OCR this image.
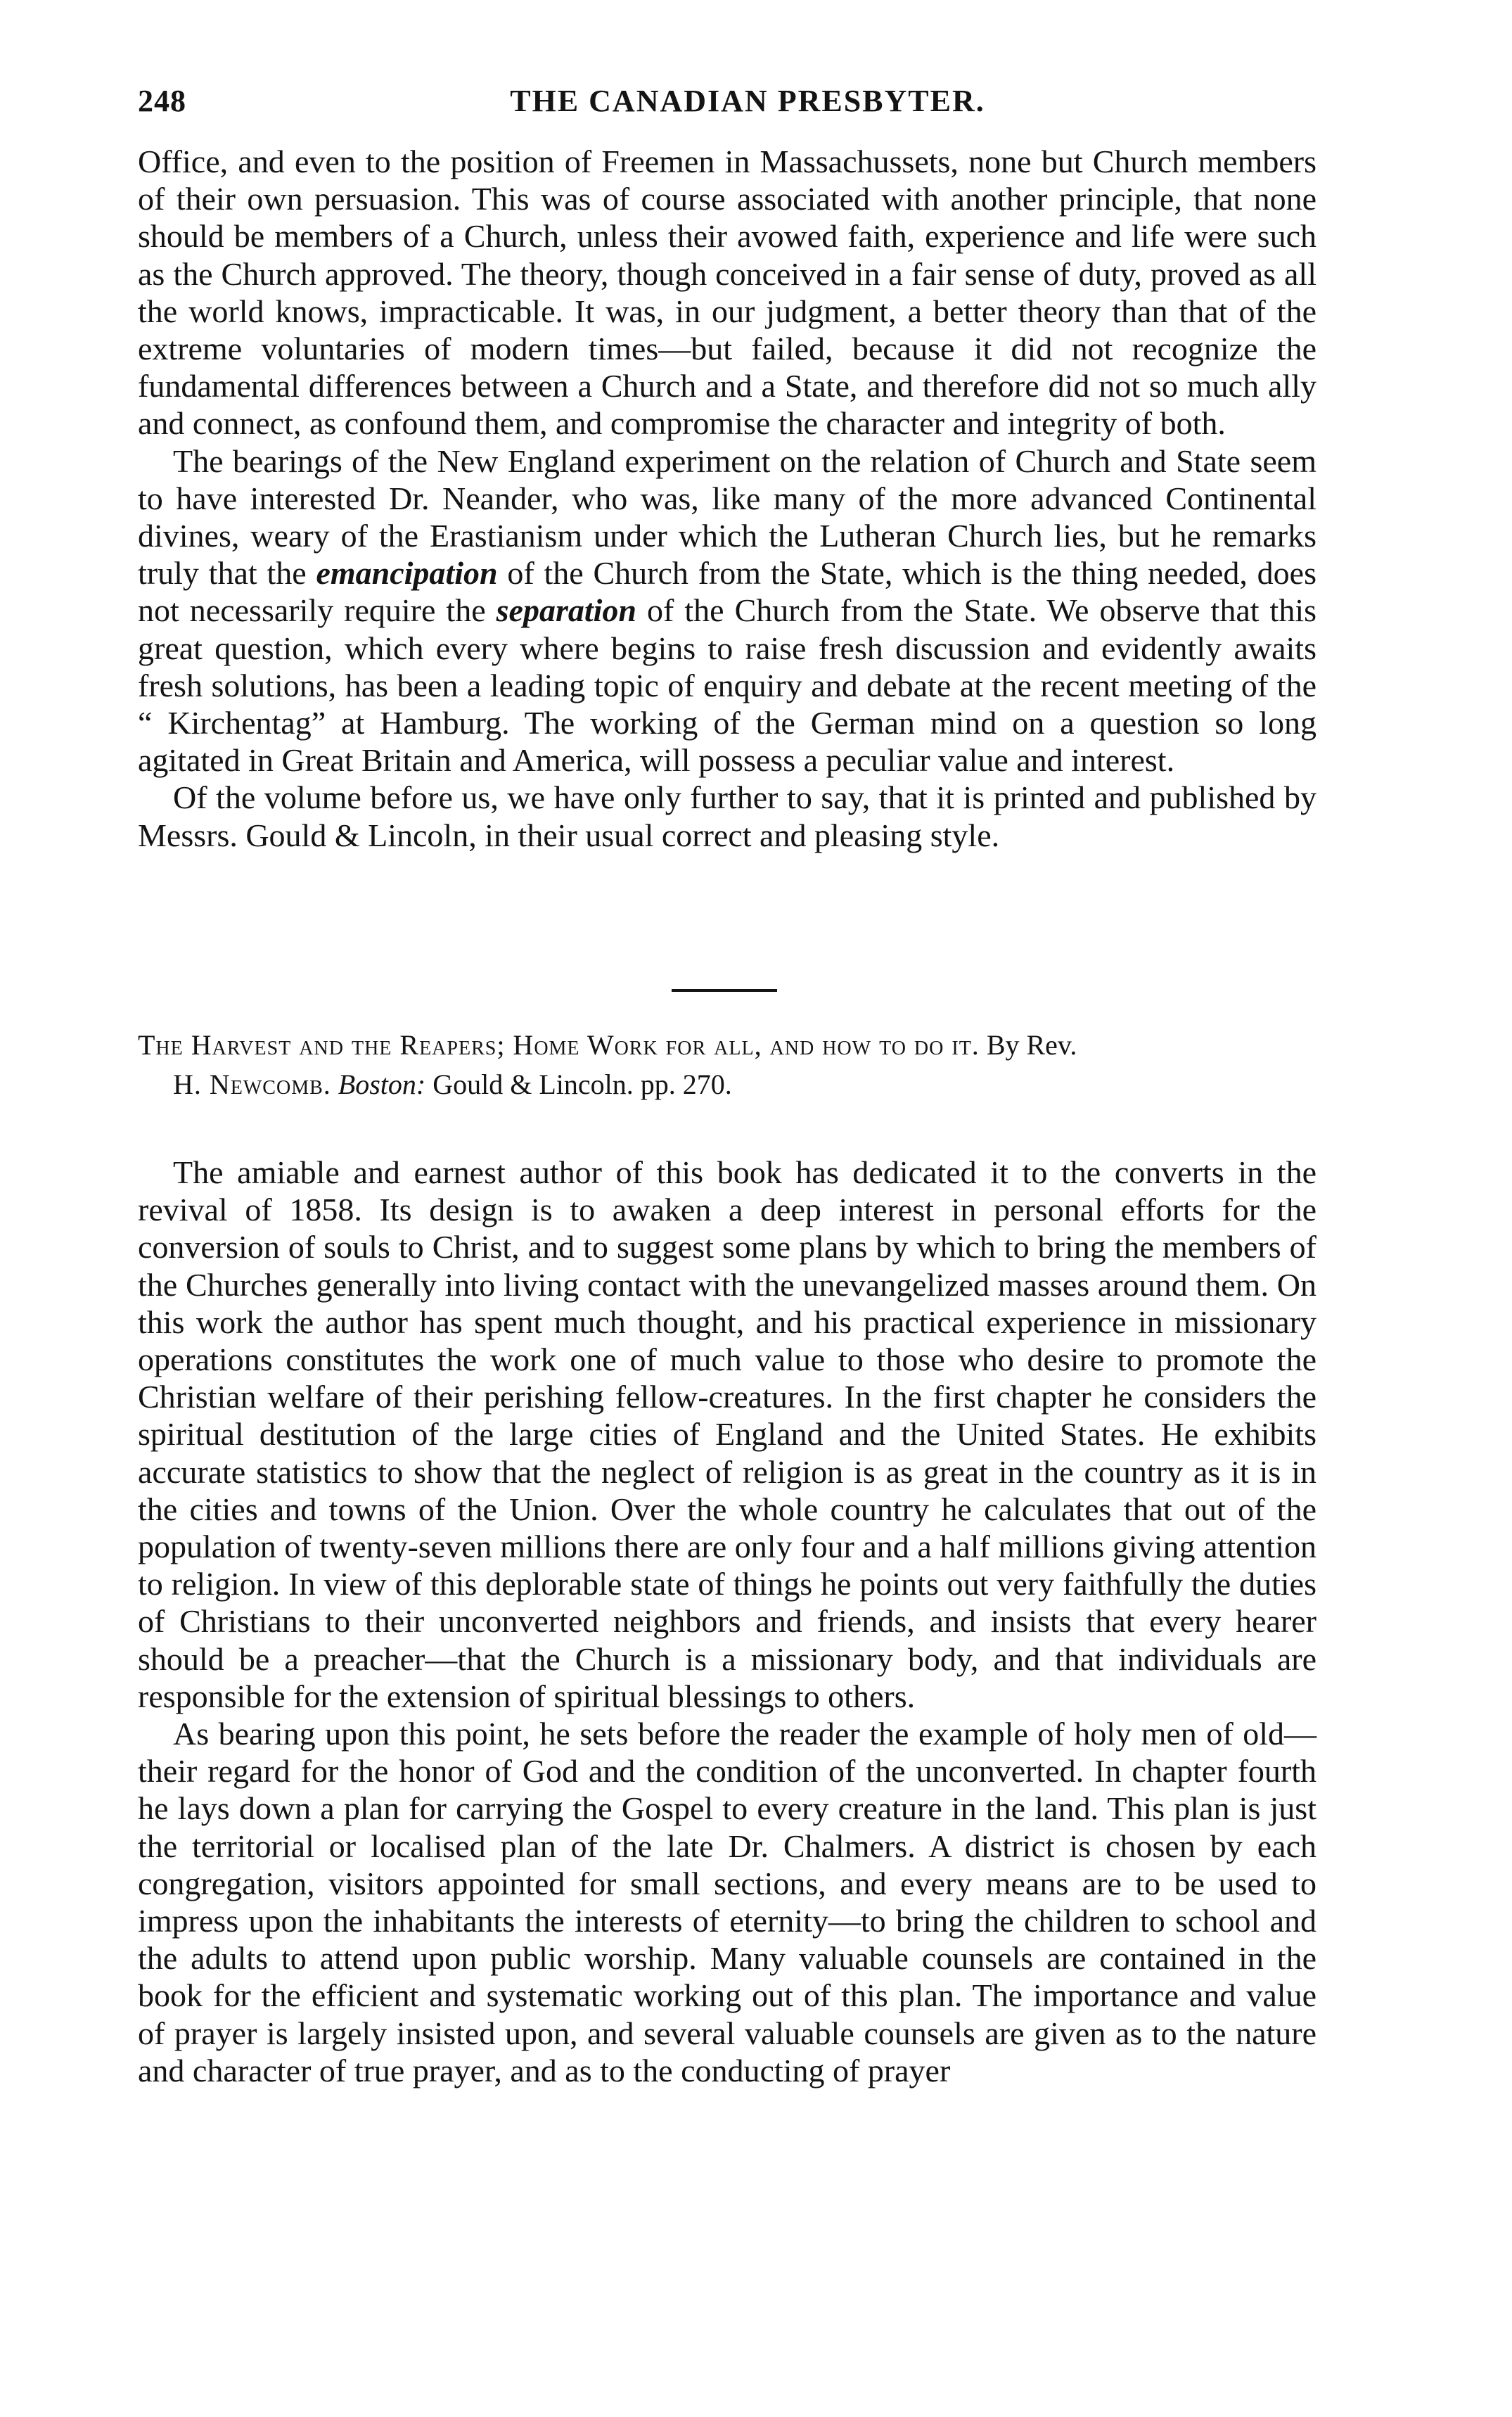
248	THE CANADIAN PRESBYTER.

Office, and even to the position of Freemen in Massachussets, none but Church members of their own persuasion. This was of course associated with another principle, that none should be members of a Church, unless their avowed faith, experience and life were such as the Church approved. The theory, though conceived in a fair sense of duty, proved as all the world knows, impracticable. It was, in our judgment, a better theory than that of the extreme voluntaries of modern times—but failed, because it did not recognize the fundamental differences between a Church and a State, and therefore did not so much ally and connect, as confound them, and compromise the character and integrity of both.

The bearings of the New England experiment on the relation of Church and State seem to have interested Dr. Neander, who was, like many of the more advanced Continental divines, weary of the Erastianism under which the Lutheran Church lies, but he remarks truly that the emancipation of the Church from the State, which is the thing needed, does not necessarily require the separation of the Church from the State. We observe that this great question, which every where begins to raise fresh discussion and evidently awaits fresh solutions, has been a leading topic of enquiry and debate at the recent meeting of the “ Kirchentag” at Hamburg. The working of the German mind on a question so long agitated in Great Britain and America, will possess a peculiar value and interest.

Of the volume before us, we have only further to say, that it is printed and published by Messrs. Gould & Lincoln, in their usual correct and pleasing style.

The Harvest and the Reapers; Home Work for all, and how to do it. By Rev.
H. Newcomb. Boston: Gould & Lincoln. pp. 270.

The amiable and earnest author of this book has dedicated it to the converts in the revival of 1858. Its design is to awaken a deep interest in personal efforts for the conversion of souls to Christ, and to suggest some plans by which to bring the members of the Churches generally into living contact with the unevangelized masses around them. On this work the author has spent much thought, and his practical experience in missionary operations constitutes the work one of much value to those who desire to promote the Christian welfare of their perishing fellow-creatures. In the first chapter he considers the spiritual destitution of the large cities of England and the United States. He exhibits accurate statistics to show that the neglect of religion is as great in the country as it is in the cities and towns of the Union. Over the whole country he calculates that out of the population of twenty-seven millions there are only four and a half millions giving attention to religion. In view of this deplorable state of things he points out very faithfully the duties of Christians to their unconverted neighbors and friends, and insists that every hearer should be a preacher—that the Church is a missionary body, and that individuals are responsible for the extension of spiritual blessings to others.

As bearing upon this point, he sets before the reader the example of holy men of old—their regard for the honor of God and the condition of the unconverted. In chapter fourth he lays down a plan for carrying the Gospel to every creature in the land. This plan is just the territorial or localised plan of the late Dr. Chalmers. A district is chosen by each congregation, visitors appointed for small sections, and every means are to be used to impress upon the inhabitants the interests of eternity—to bring the children to school and the adults to attend upon public worship. Many valuable counsels are contained in the book for the efficient and systematic working out of this plan. The importance and value of prayer is largely insisted upon, and several valuable counsels are given as to the nature and character of true prayer, and as to the conducting of prayer
